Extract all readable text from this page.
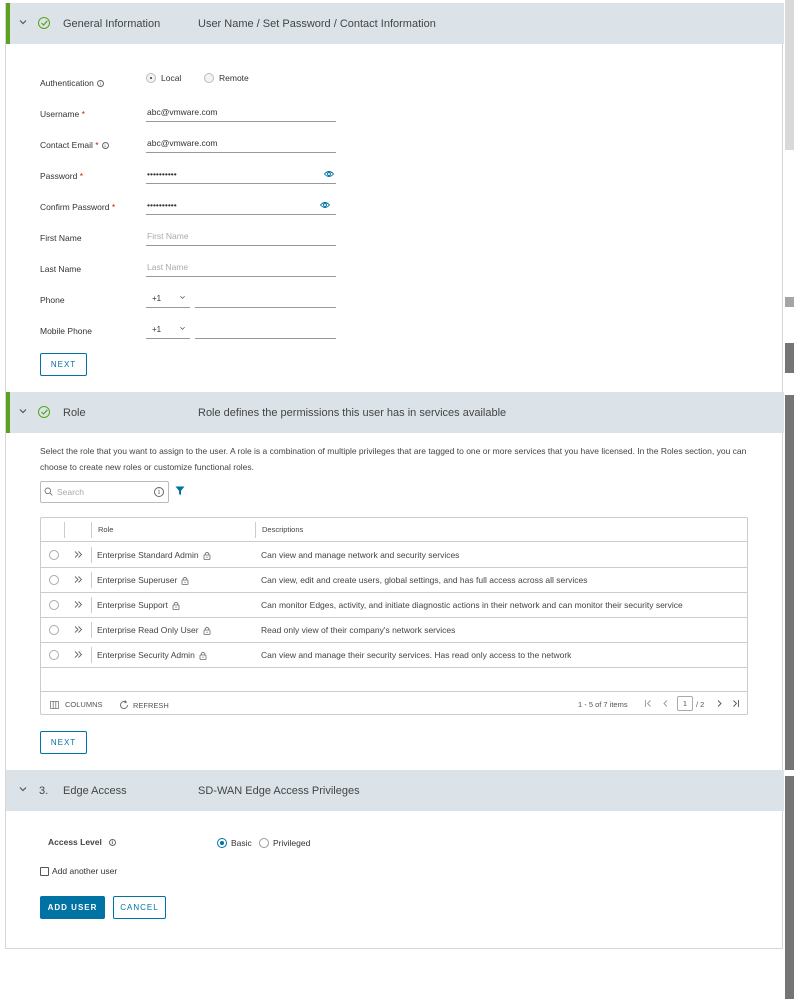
General Information	User Name / Set Password / Contact Information
Authentication i
Local	Remote
Username *	abc@vmware.com
Contact Email * i	abc@vmware.com
Password *	••••••••••
Confirm Password *	••••••••••
First Name	First Name
Last Name	Last Name
Phone	+1
Mobile Phone	+1
NEXT
Role	Role defines the permissions this user has in services available
Select the role that you want to assign to the user. A role is a combination of multiple privileges that are tagged to one or more services that you have licensed. In the Roles section, you can choose to create new roles or customize functional roles.
Search	i
Role	Descriptions
Enterprise Standard Admin	Can view and manage network and security services
Enterprise Superuser	Can view, edit and create users, global settings, and has full access across all services
Enterprise Support	Can monitor Edges, activity, and initiate diagnostic actions in their network and can monitor their security service
Enterprise Read Only User	Read only view of their company's network services
Enterprise Security Admin	Can view and manage their security services. Has read only access to the network
COLUMNS	REFRESH	1 - 5 of 7 items	1	/ 2
NEXT
3. Edge Access	SD-WAN Edge Access Privileges
Access Level i	Basic Privileged
Add another user
ADD USER	CANCEL
